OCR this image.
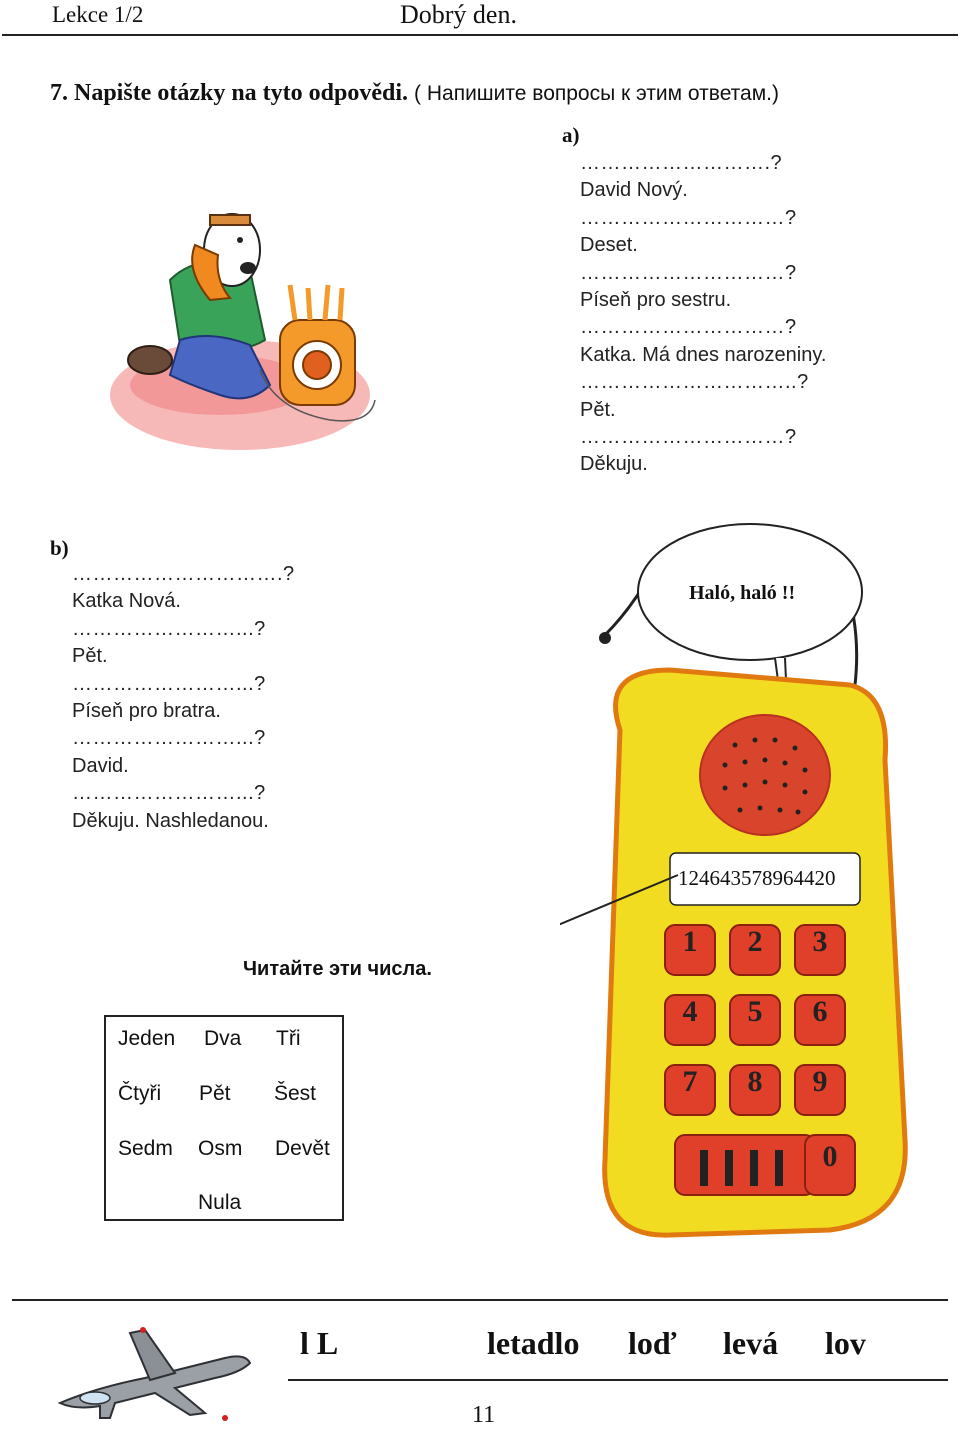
Lekce 1/2	Dobrý den.
7. Napište otázky na tyto odpovědi. ( Напишите вопросы к этим ответам.)
a)
……………………….?
David Nový.
…………………………?
Deset.
…………………………?
Píseň pro sestru.
…………………………?
Katka. Má dnes narozeniny.
…………………………..?
Pět.
…………………………?
Děkuju.
b)
………………………….?
Katka Nová.
……………………...?
Pět.
……………………...?
Píseň pro bratra.
……………………...?
David.
……………………...?
Děkuju. Nashledanou.
1	2	3
4	5	6
7	8	9
0
Haló, haló !!
124643578964420
Читайте эти числа.
Jeden Dva Tři
Čtyři Pět Šest
Sedm Osm Devět
Nula
l L	letadlo loď levá lov
11
